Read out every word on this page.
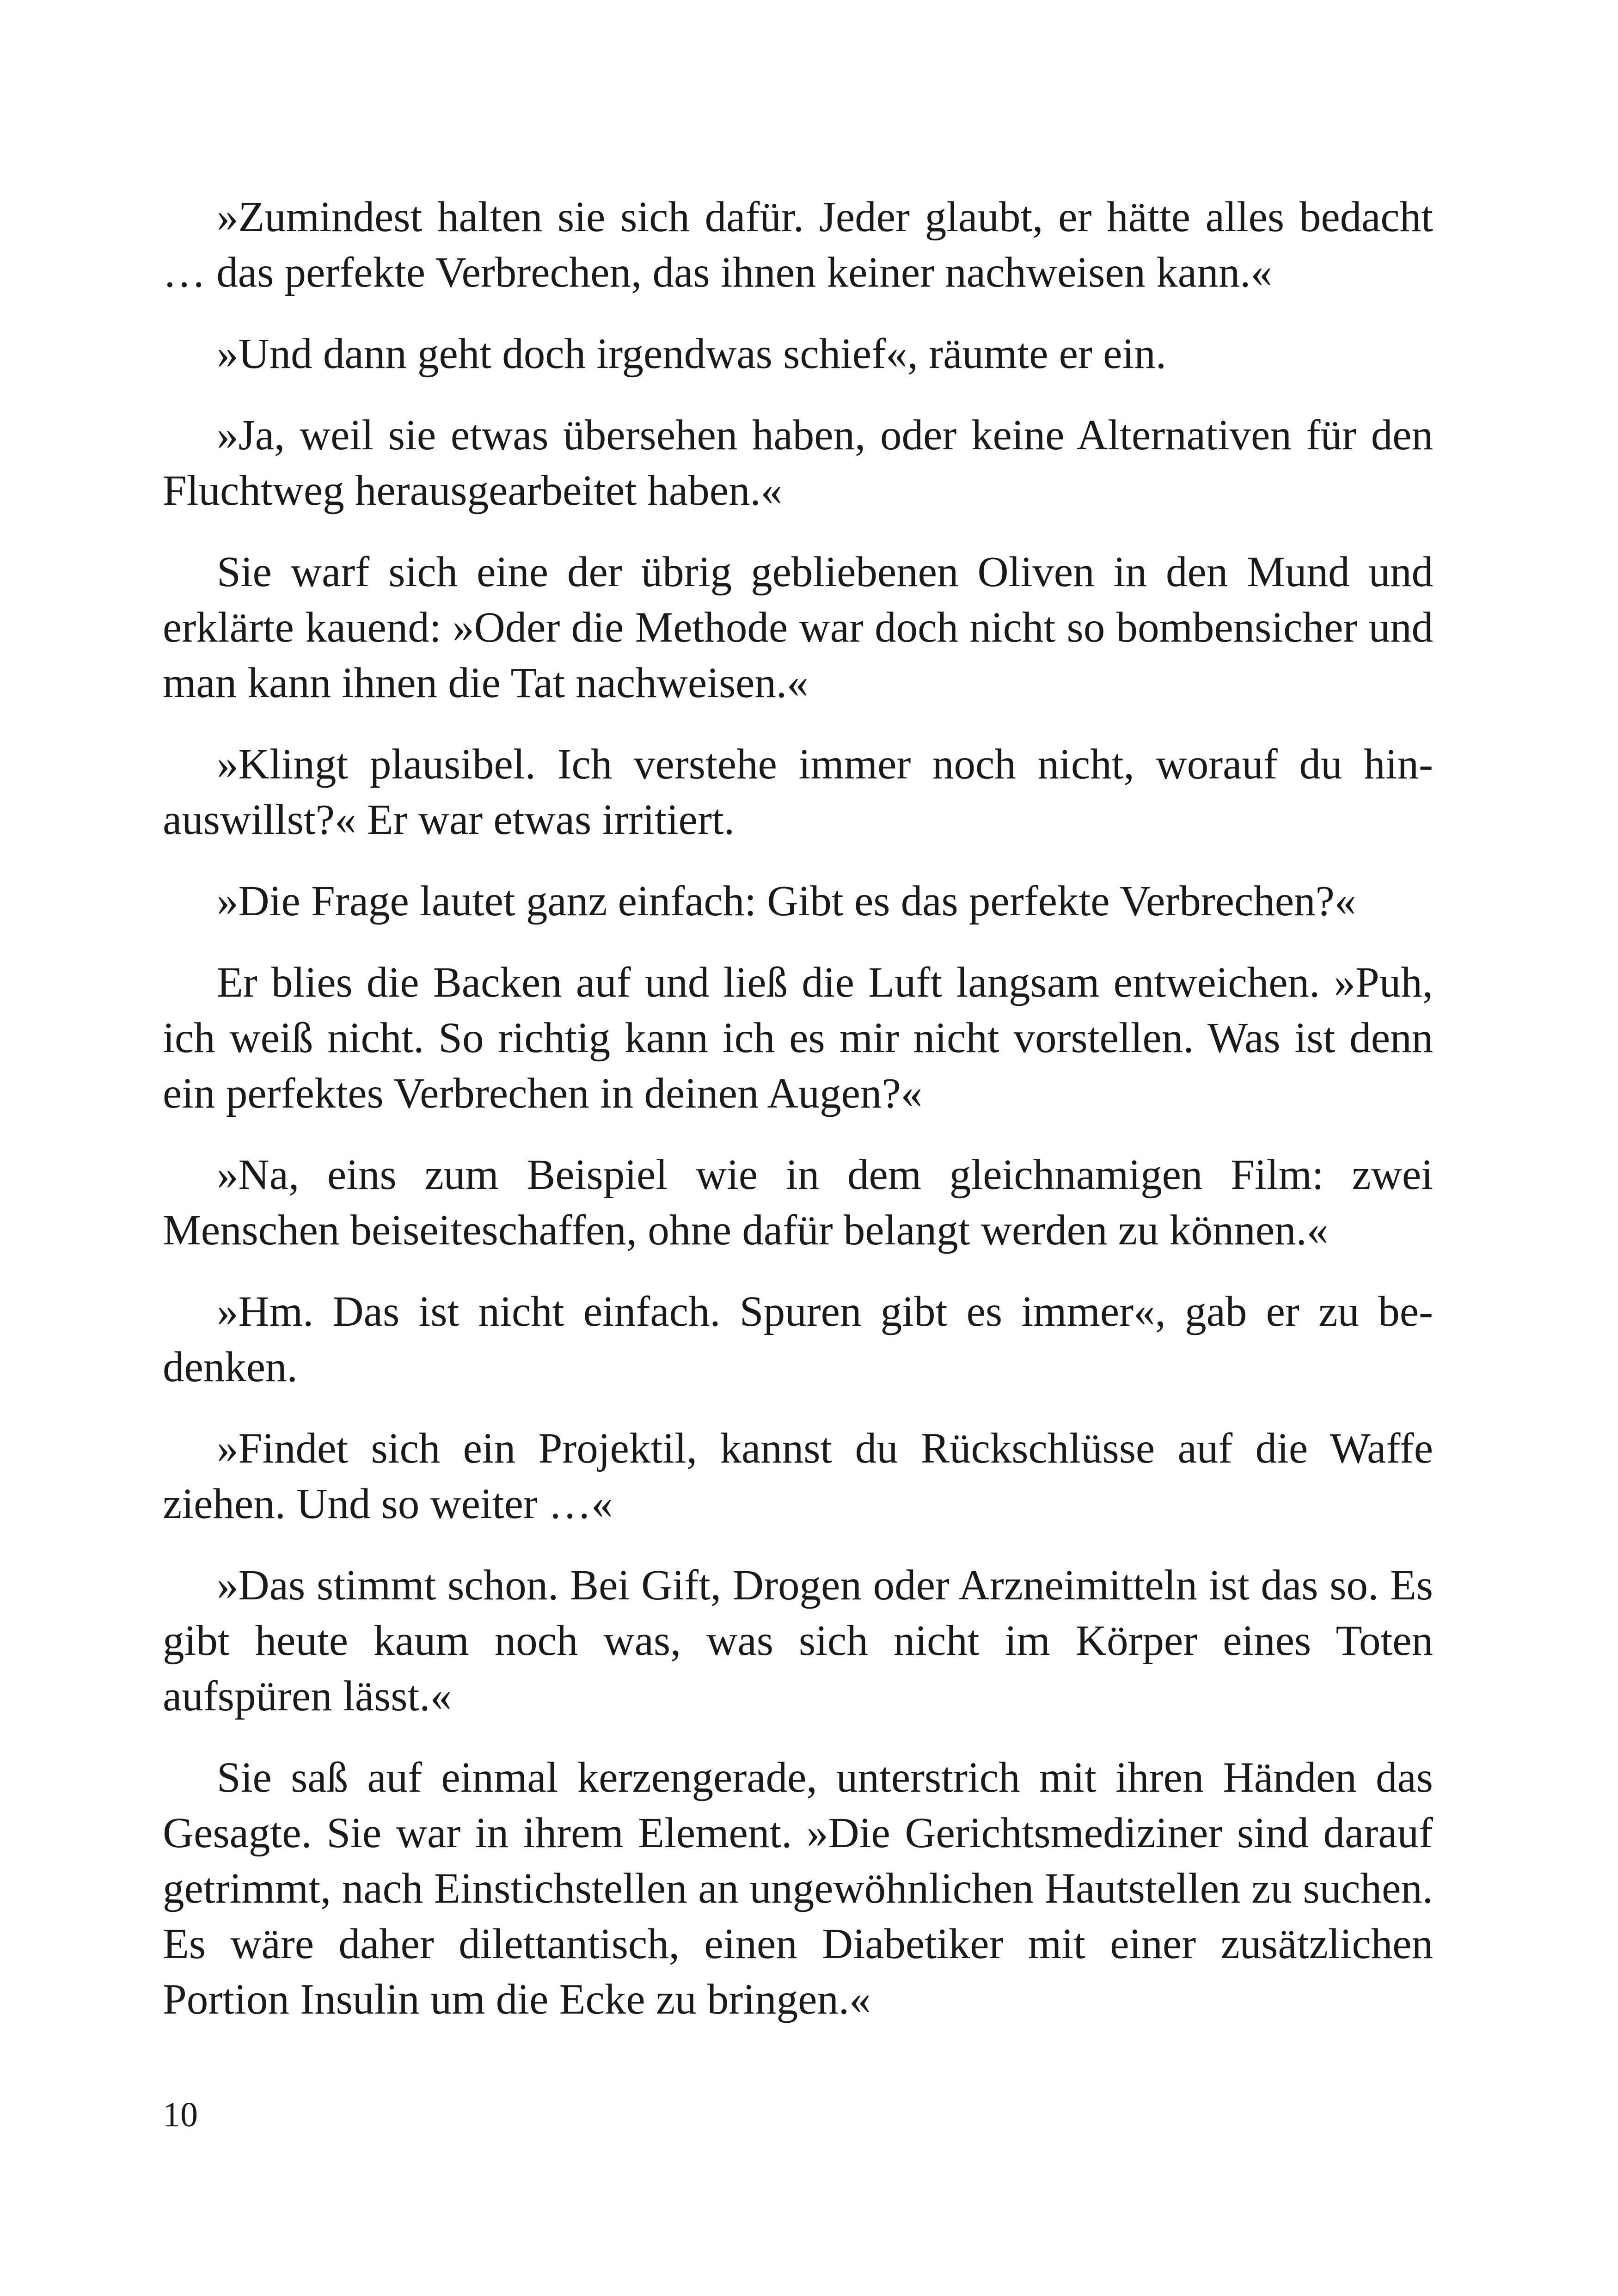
»Zumindest halten sie sich dafür. Jeder glaubt, er hätte alles bedacht … das perfekte Verbrechen, das ihnen keiner nachweisen kann.«

»Und dann geht doch irgendwas schief«, räumte er ein.

»Ja, weil sie etwas übersehen haben, oder keine Alternativen für den Fluchtweg herausgearbeitet haben.«

Sie warf sich eine der übrig gebliebenen Oliven in den Mund und erklärte kauend: »Oder die Methode war doch nicht so bombensicher und man kann ihnen die Tat nachweisen.«

»Klingt plausibel. Ich verstehe immer noch nicht, worauf du hinauswillst?« Er war etwas irritiert.

»Die Frage lautet ganz einfach: Gibt es das perfekte Verbrechen?«

Er blies die Backen auf und ließ die Luft langsam entweichen. »Puh, ich weiß nicht. So richtig kann ich es mir nicht vorstellen. Was ist denn ein perfektes Verbrechen in deinen Augen?«

»Na, eins zum Beispiel wie in dem gleichnamigen Film: zwei Menschen beiseiteschaffen, ohne dafür belangt werden zu können.«

»Hm. Das ist nicht einfach. Spuren gibt es immer«, gab er zu bedenken.

»Findet sich ein Projektil, kannst du Rückschlüsse auf die Waffe ziehen. Und so weiter …«

»Das stimmt schon. Bei Gift, Drogen oder Arzneimitteln ist das so. Es gibt heute kaum noch was, was sich nicht im Körper eines Toten aufspüren lässt.«

Sie saß auf einmal kerzengerade, unterstrich mit ihren Händen das Gesagte. Sie war in ihrem Element. »Die Gerichtsmediziner sind darauf getrimmt, nach Einstichstellen an ungewöhnlichen Hautstellen zu suchen. Es wäre daher dilettantisch, einen Diabetiker mit einer zusätzlichen Portion Insulin um die Ecke zu bringen.«

10
